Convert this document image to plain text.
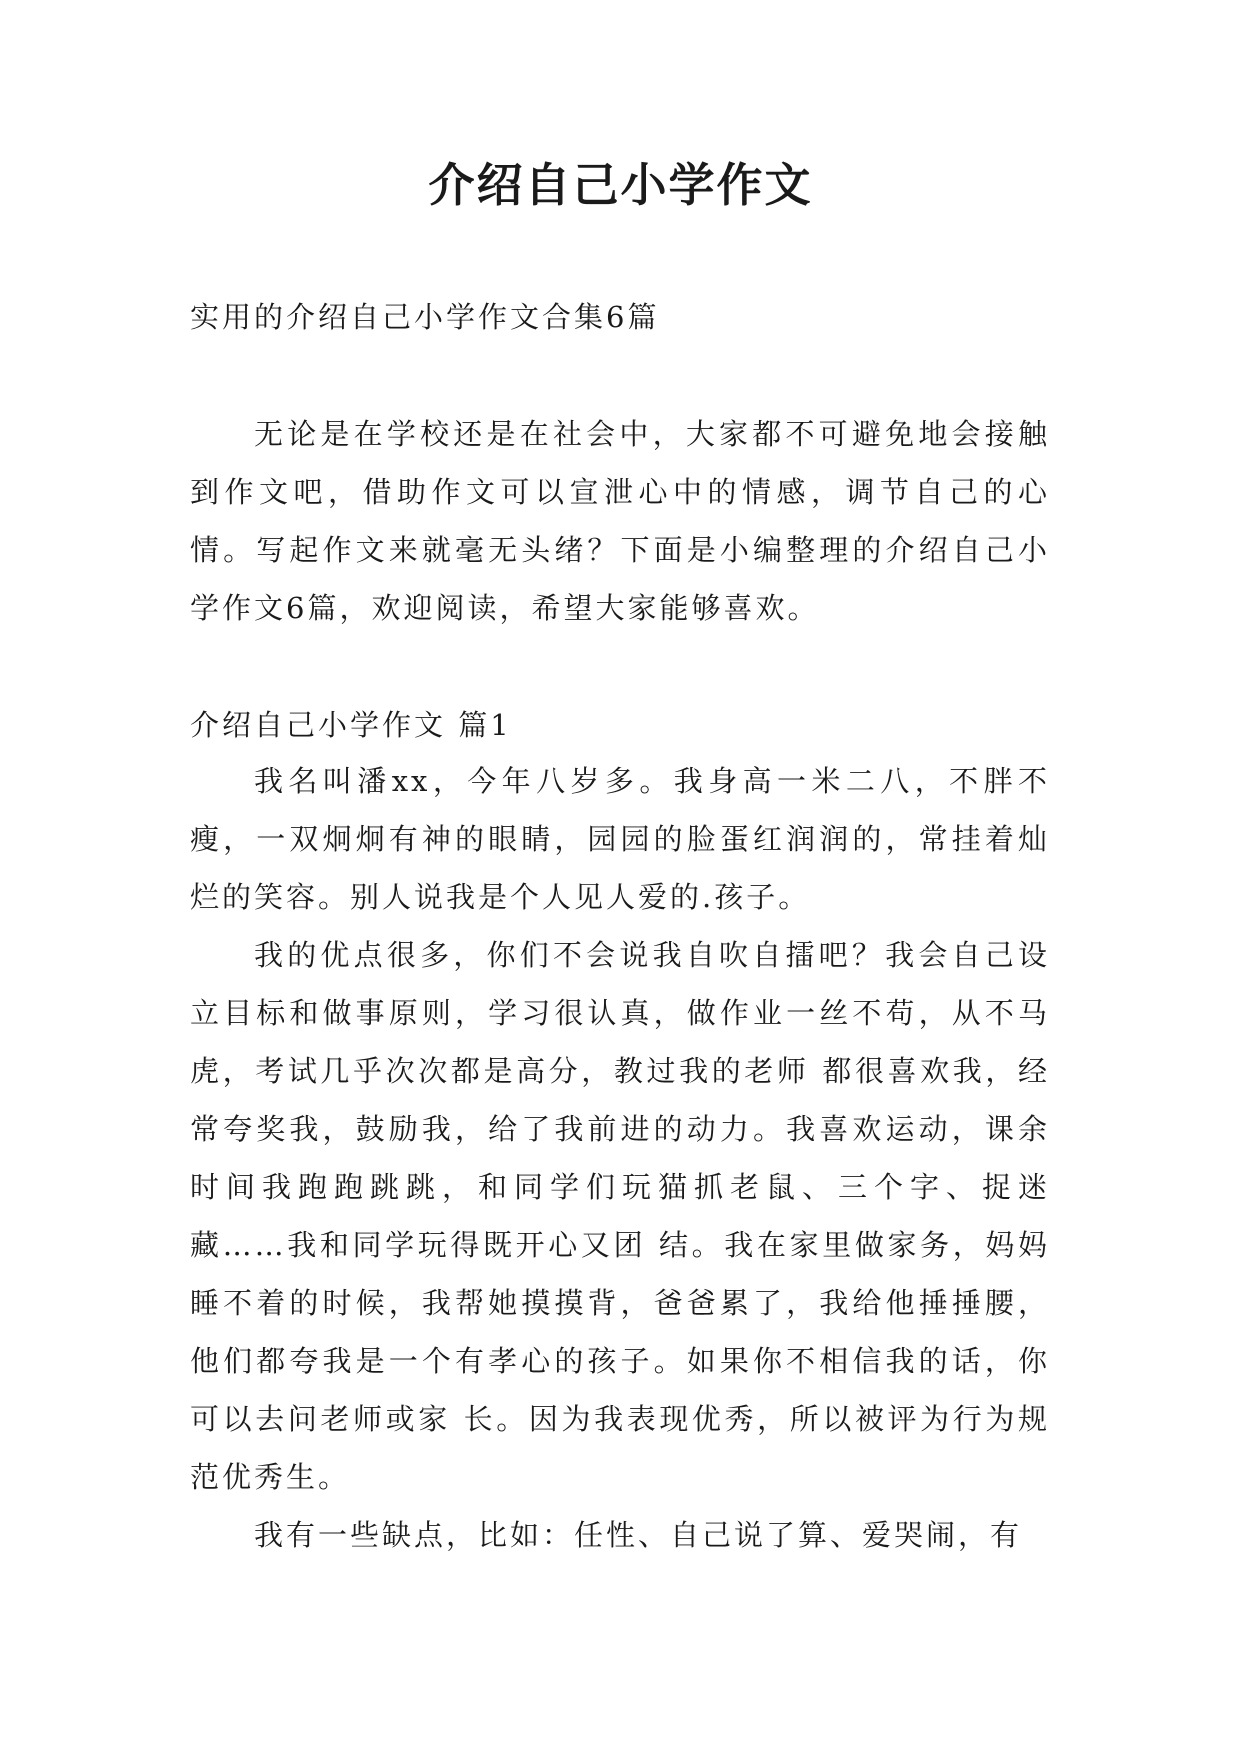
介绍自己小学作文
实用的介绍自己小学作文合集6篇
无论是在学校还是在社会中，大家都不可避免地会接触到作文吧，借助作文可以宣泄心中的情感，调节自己的心情。写起作文来就毫无头绪？下面是小编整理的介绍自己小学作文6篇，欢迎阅读，希望大家能够喜欢。
介绍自己小学作文 篇1

我名叫潘xx，今年八岁多。我身高一米二八，不胖不瘦，一双炯炯有神的眼睛，园园的脸蛋红润润的，常挂着灿烂的笑容。别人说我是个人见人爱的.孩子。

我的优点很多，你们不会说我自吹自擂吧？我会自己设立目标和做事原则，学习很认真，做作业一丝不苟，从不马虎，考试几乎次次都是高分，教过我的老师 都很喜欢我，经常夸奖我，鼓励我，给了我前进的动力。我喜欢运动，课余时间我跑跑跳跳，和同学们玩猫抓老鼠、三个字、捉迷藏……我和同学玩得既开心又团 结。我在家里做家务，妈妈睡不着的时候，我帮她摸摸背，爸爸累了，我给他捶捶腰，他们都夸我是一个有孝心的孩子。如果你不相信我的话，你可以去问老师或家 长。因为我表现优秀，所以被评为行为规范优秀生。

我有一些缺点，比如：任性、自己说了算、爱哭闹，有
